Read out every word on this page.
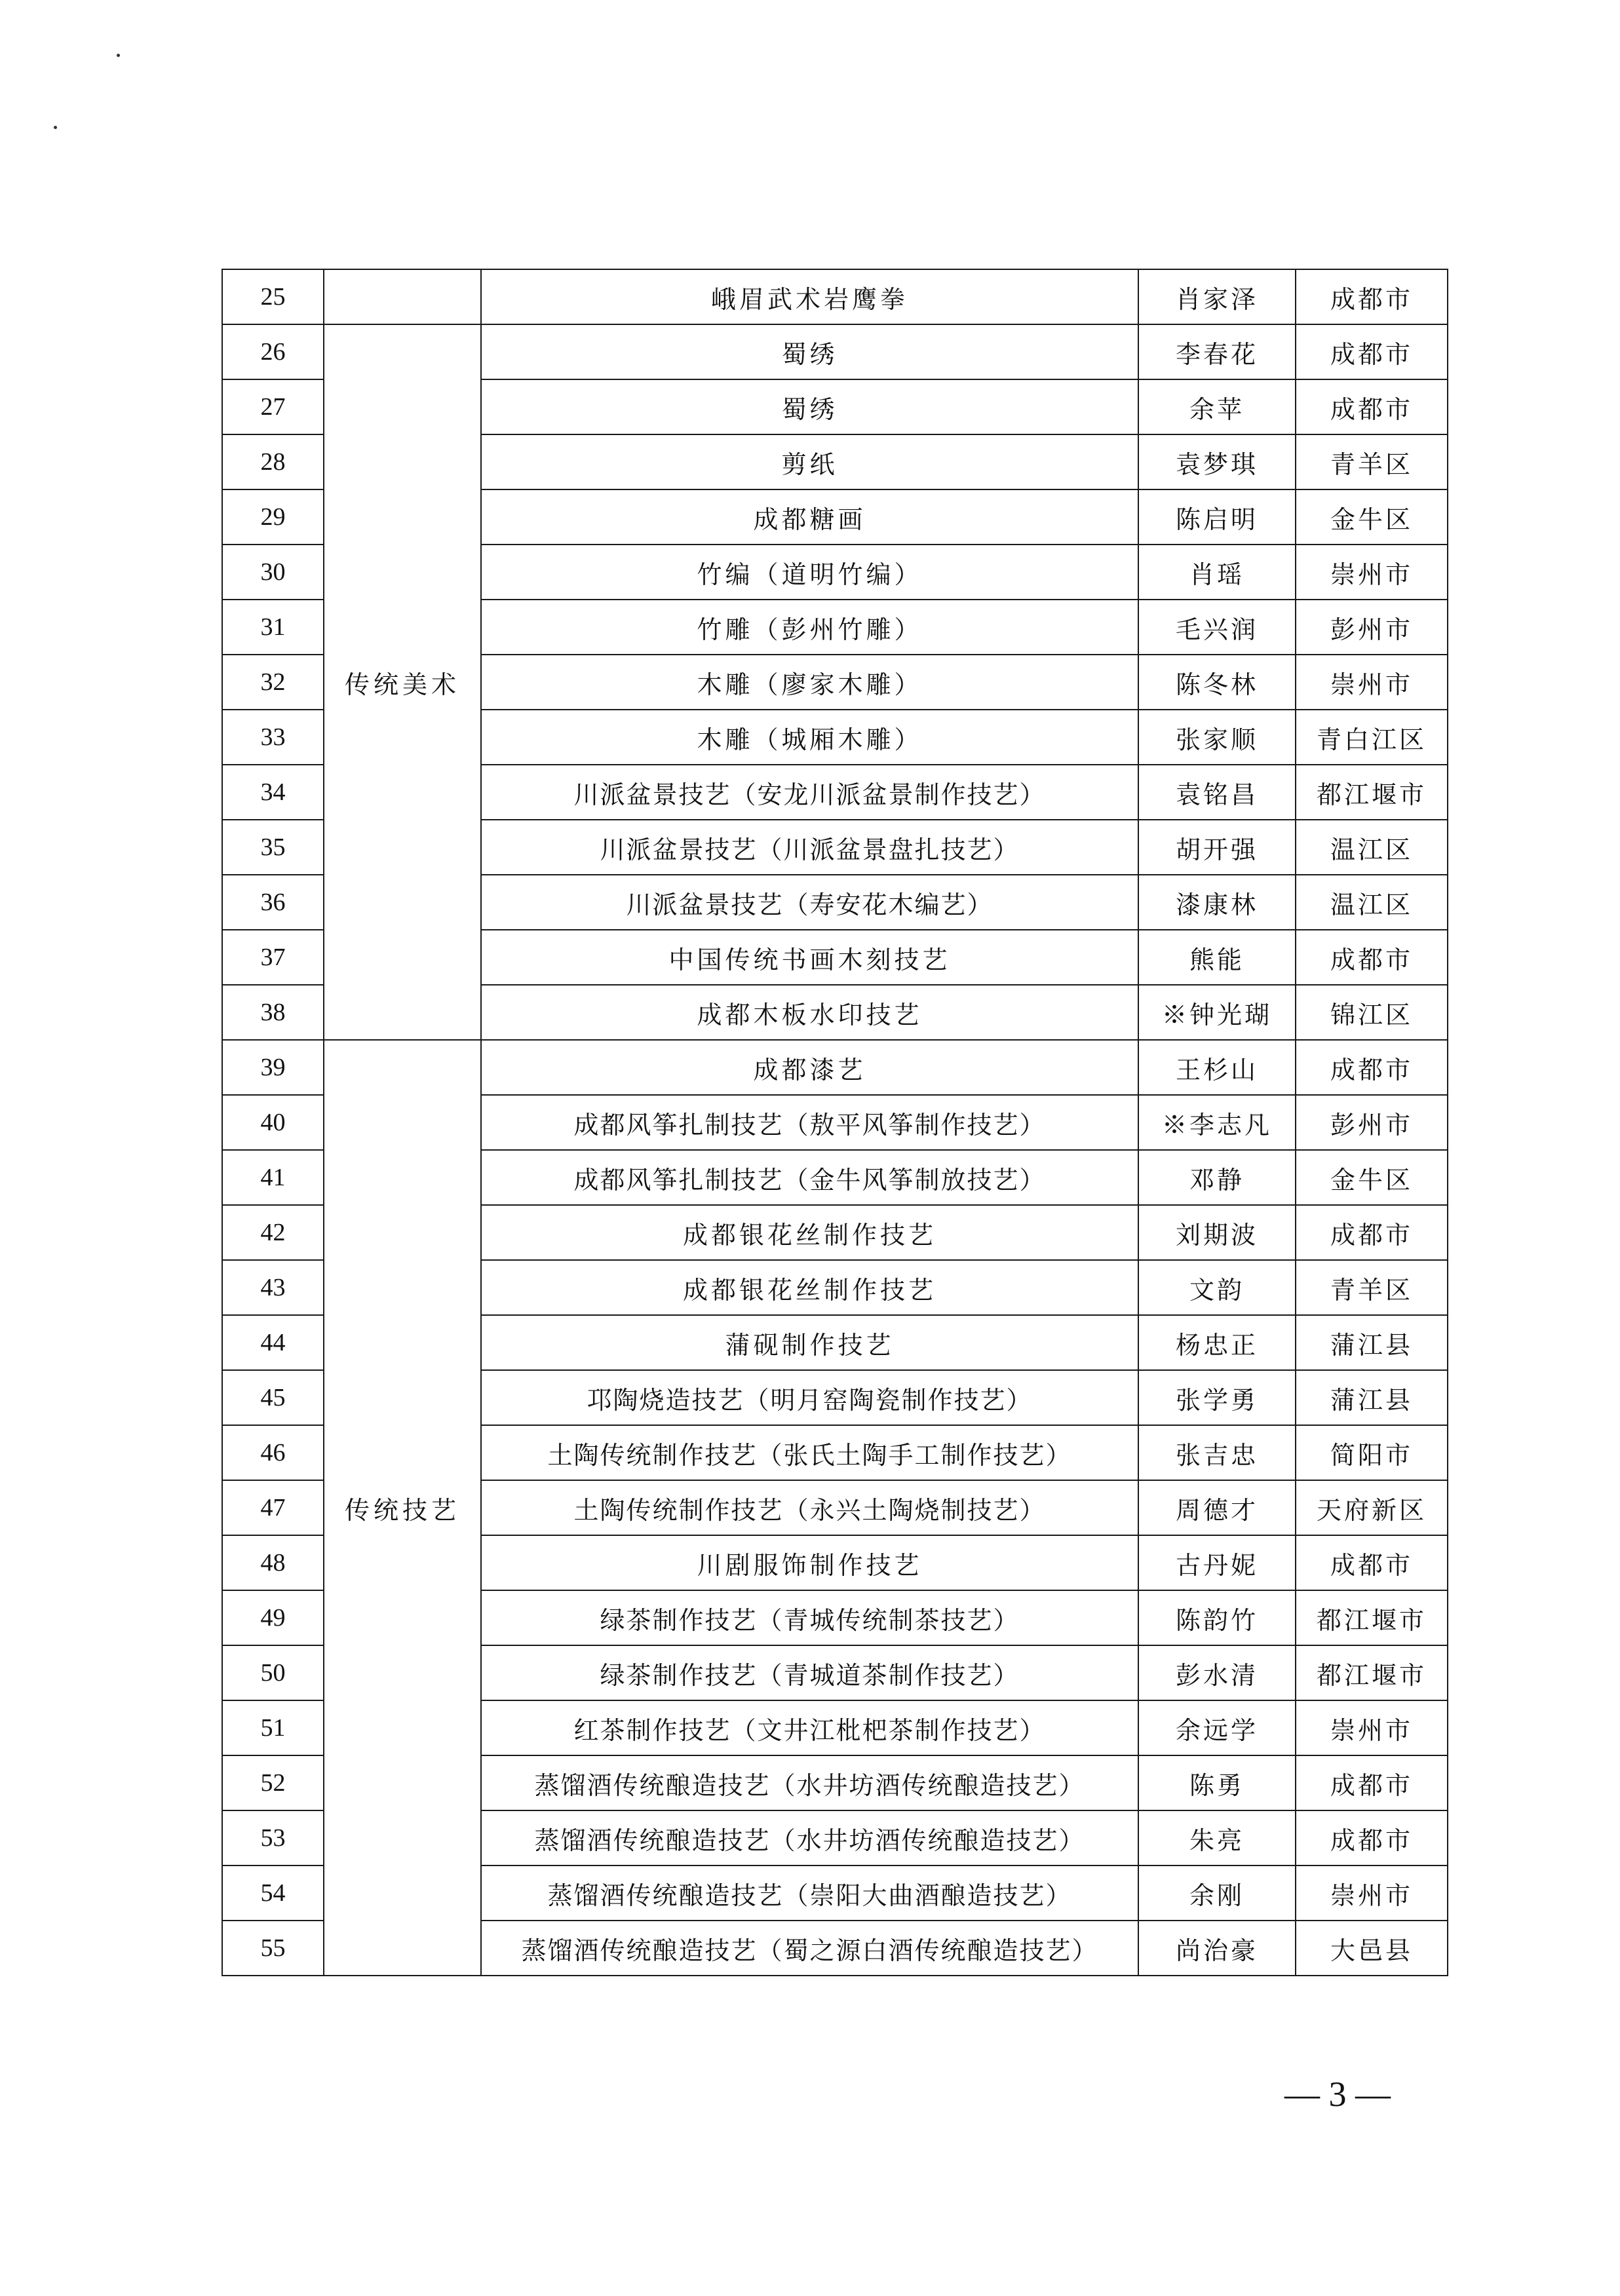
25		峨眉武术岩鹰拳	肖家泽	成都市
26	传统美术	蜀绣	李春花	成都市
27		蜀绣	余苹	成都市
28		剪纸	袁梦琪	青羊区
29		成都糖画	陈启明	金牛区
30		竹编（道明竹编）	肖瑶	崇州市
31		竹雕（彭州竹雕）	毛兴润	彭州市
32		木雕（廖家木雕）	陈冬林	崇州市
33		木雕（城厢木雕）	张家顺	青白江区
34		川派盆景技艺（安龙川派盆景制作技艺）	袁铭昌	都江堰市
35		川派盆景技艺（川派盆景盘扎技艺）	胡开强	温江区
36		川派盆景技艺（寿安花木编艺）	漆康林	温江区
37		中国传统书画木刻技艺	熊能	成都市
38		成都木板水印技艺	※钟光瑚	锦江区
39	传统技艺	成都漆艺	王杉山	成都市
40		成都风筝扎制技艺（敖平风筝制作技艺）	※李志凡	彭州市
41		成都风筝扎制技艺（金牛风筝制放技艺）	邓静	金牛区
42		成都银花丝制作技艺	刘期波	成都市
43		成都银花丝制作技艺	文韵	青羊区
44		蒲砚制作技艺	杨忠正	蒲江县
45		邛陶烧造技艺（明月窑陶瓷制作技艺）	张学勇	蒲江县
46		土陶传统制作技艺（张氏土陶手工制作技艺）	张吉忠	简阳市
47		土陶传统制作技艺（永兴土陶烧制技艺）	周德才	天府新区
48		川剧服饰制作技艺	古丹妮	成都市
49		绿茶制作技艺（青城传统制茶技艺）	陈韵竹	都江堰市
50		绿茶制作技艺（青城道茶制作技艺）	彭水清	都江堰市
51		红茶制作技艺（文井江枇杷茶制作技艺）	余远学	崇州市
52		蒸馏酒传统酿造技艺（水井坊酒传统酿造技艺）	陈勇	成都市
53		蒸馏酒传统酿造技艺（水井坊酒传统酿造技艺）	朱亮	成都市
54		蒸馏酒传统酿造技艺（崇阳大曲酒酿造技艺）	余刚	崇州市
55		蒸馏酒传统酿造技艺（蜀之源白酒传统酿造技艺）	尚治豪	大邑县
— 3 —
